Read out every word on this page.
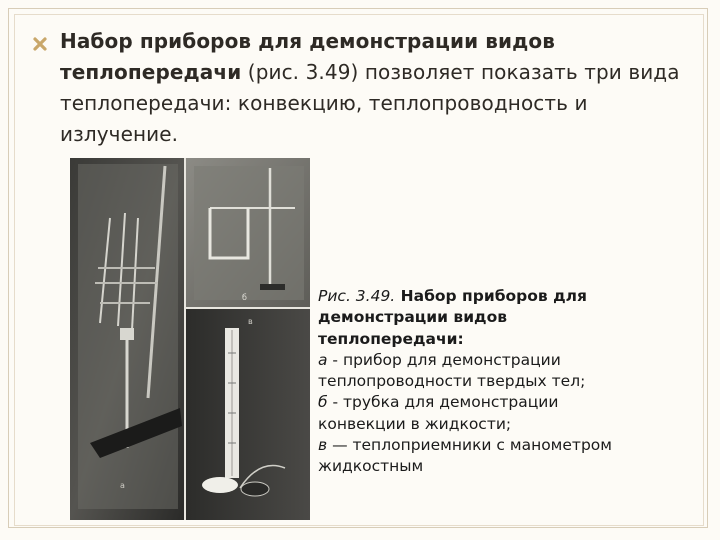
Набор приборов для демонстрации видов теплопередачи (рис. 3.49) позволяет показать три вида теплопередачи: конвекцию, теплопроводность и излучение.
а
б
в
Рис. 3.49. Набор приборов для демонстрации видов теплопередачи:
а - прибор для демонстрации теплопроводности твердых тел;
б - трубка для демонстрации конвекции в жидкости;
в — теплоприемники с манометром жидкостным
